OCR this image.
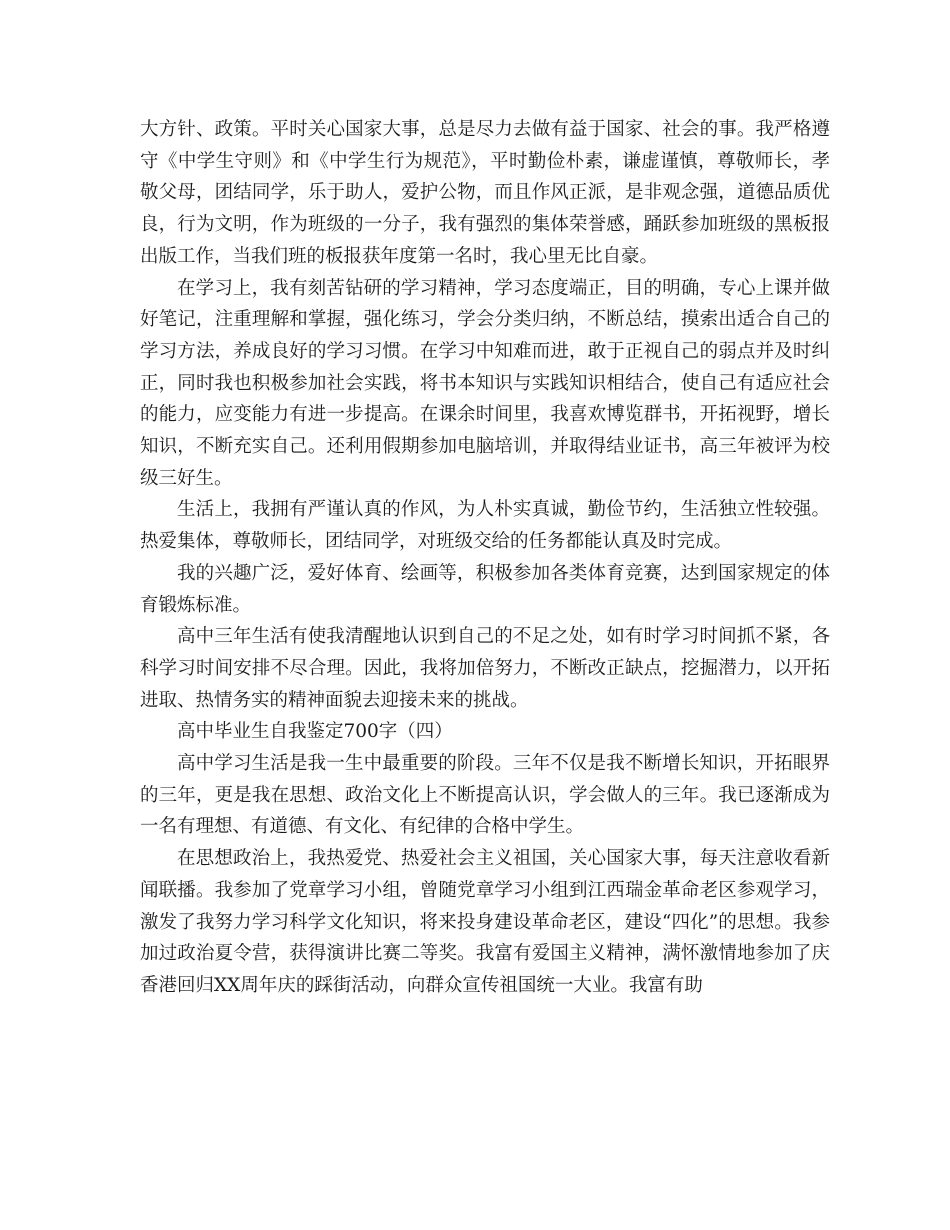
大方针、政策。平时关心国家大事，总是尽力去做有益于国家、社会的事。我严格遵守《中学生守则》和《中学生行为规范》，平时勤俭朴素，谦虚谨慎，尊敬师长，孝敬父母，团结同学，乐于助人，爱护公物，而且作风正派，是非观念强，道德品质优良，行为文明，作为班级的一分子，我有强烈的集体荣誉感，踊跃参加班级的黑板报出版工作，当我们班的板报获年度第一名时，我心里无比自豪。

在学习上，我有刻苦钻研的学习精神，学习态度端正，目的明确，专心上课并做好笔记，注重理解和掌握，强化练习，学会分类归纳，不断总结，摸索出适合自己的学习方法，养成良好的学习习惯。在学习中知难而进，敢于正视自己的弱点并及时纠正，同时我也积极参加社会实践，将书本知识与实践知识相结合，使自己有适应社会的能力，应变能力有进一步提高。在课余时间里，我喜欢博览群书，开拓视野，增长知识，不断充实自己。还利用假期参加电脑培训，并取得结业证书，高三年被评为校级三好生。

生活上，我拥有严谨认真的作风，为人朴实真诚，勤俭节约，生活独立性较强。热爱集体，尊敬师长，团结同学，对班级交给的任务都能认真及时完成。

我的兴趣广泛，爱好体育、绘画等，积极参加各类体育竞赛，达到国家规定的体育锻炼标准。

高中三年生活有使我清醒地认识到自己的不足之处，如有时学习时间抓不紧，各科学习时间安排不尽合理。因此，我将加倍努力，不断改正缺点，挖掘潜力，以开拓进取、热情务实的精神面貌去迎接未来的挑战。

高中毕业生自我鉴定700字（四）

高中学习生活是我一生中最重要的阶段。三年不仅是我不断增长知识，开拓眼界的三年，更是我在思想、政治文化上不断提高认识，学会做人的三年。我已逐渐成为一名有理想、有道德、有文化、有纪律的合格中学生。

在思想政治上，我热爱党、热爱社会主义祖国，关心国家大事，每天注意收看新闻联播。我参加了党章学习小组，曾随党章学习小组到江西瑞金革命老区参观学习，激发了我努力学习科学文化知识，将来投身建设革命老区，建设“四化”的思想。我参加过政治夏令营，获得演讲比赛二等奖。我富有爱国主义精神，满怀激情地参加了庆香港回归XX周年庆的踩街活动，向群众宣传祖国统一大业。我富有助
